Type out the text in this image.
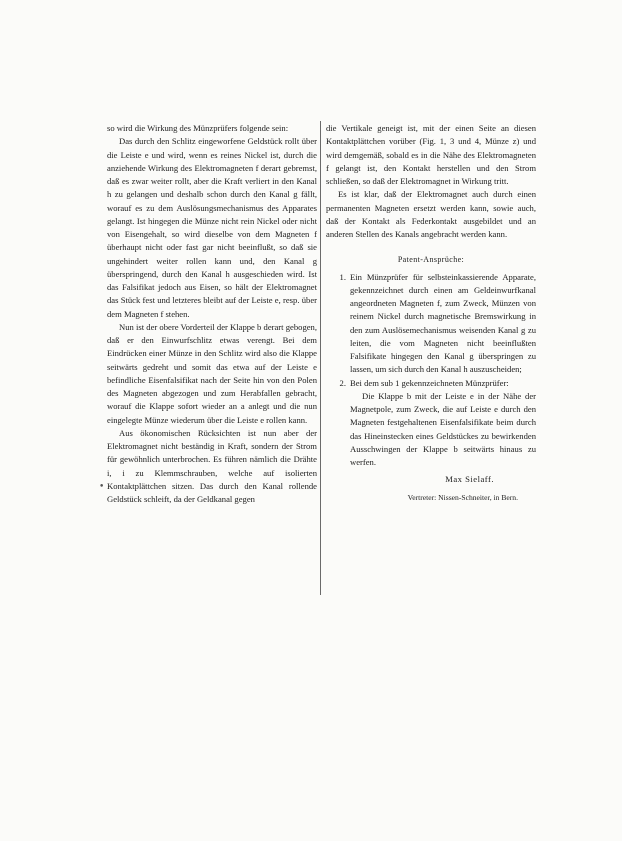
so wird die Wirkung des Münzprüfers folgende sein:

Das durch den Schlitz eingeworfene Geldstück rollt über die Leiste e und wird, wenn es reines Nickel ist, durch die anziehende Wirkung des Elektromagneten f derart gebremst, daß es zwar weiter rollt, aber die Kraft verliert in den Kanal h zu gelangen und deshalb schon durch den Kanal g fällt, worauf es zu dem Auslösungsmechanismus des Apparates gelangt. Ist hingegen die Münze nicht rein Nickel oder nicht von Eisengehalt, so wird dieselbe von dem Magneten f überhaupt nicht oder fast gar nicht beeinflußt, so daß sie ungehindert weiter rollen kann und, den Kanal g überspringend, durch den Kanal h ausgeschieden wird. Ist das Falsifikat jedoch aus Eisen, so hält der Elektromagnet das Stück fest und letzteres bleibt auf der Leiste e, resp. über dem Magneten f stehen.

Nun ist der obere Vorderteil der Klappe b derart gebogen, daß er den Einwurfschlitz etwas verengt. Bei dem Eindrücken einer Münze in den Schlitz wird also die Klappe seitwärts gedreht und somit das etwa auf der Leiste e befindliche Eisenfalsifikat nach der Seite hin von den Polen des Magneten abgezogen und zum Herabfallen gebracht, worauf die Klappe sofort wieder an a anlegt und die nun eingelegte Münze wiederum über die Leiste e rollen kann.

Aus ökonomischen Rücksichten ist nun aber der Elektromagnet nicht beständig in Kraft, sondern der Strom für gewöhnlich unterbrochen. Es führen nämlich die Drähte i, i zu Klemmschrauben, welche auf isolierten Kontaktplättchen sitzen. Das durch den Kanal rollende Geldstück schleift, da der Geldkanal gegen

•

die Vertikale geneigt ist, mit der einen Seite an diesen Kontaktplättchen vorüber (Fig. 1, 3 und 4, Münze z) und wird demgemäß, sobald es in die Nähe des Elektromagneten f gelangt ist, den Kontakt herstellen und den Strom schließen, so daß der Elektromagnet in Wirkung tritt.

Es ist klar, daß der Elektromagnet auch durch einen permanenten Magneten ersetzt werden kann, sowie auch, daß der Kontakt als Federkontakt ausgebildet und an anderen Stellen des Kanals angebracht werden kann.

Patent-Ansprüche:
1. Ein Münzprüfer für selbsteinkassierende Apparate, gekennzeichnet durch einen am Geldeinwurfkanal angeordneten Magneten f, zum Zweck, Münzen von reinem Nickel durch magnetische Bremswirkung in den zum Auslösemechanismus weisenden Kanal g zu leiten, die vom Magneten nicht beeinflußten Falsifikate hingegen den Kanal g überspringen zu lassen, um sich durch den Kanal h auszuscheiden;
2. Bei dem sub 1 gekennzeichneten Münzprüfer:

Die Klappe b mit der Leiste e in der Nähe der Magnetpole, zum Zweck, die auf Leiste e durch den Magneten festgehaltenen Eisenfalsifikate beim durch das Hineinstecken eines Geldstückes zu bewirkenden Ausschwingen der Klappe b seitwärts hinaus zu werfen.

Max Sielaff.
Vertreter: Nissen-Schneiter, in Bern.
